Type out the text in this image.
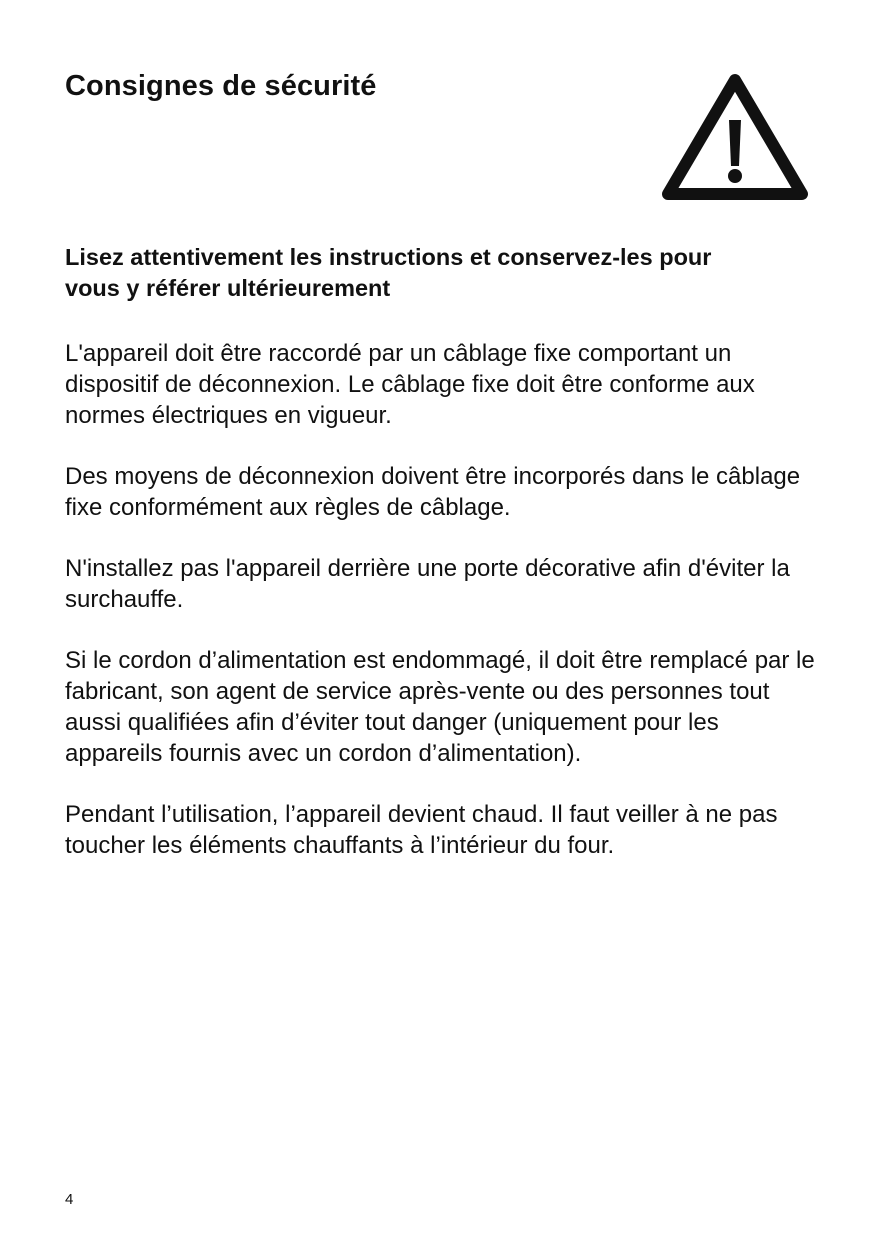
Consignes de sécurité
Lisez attentivement les instructions et conservez-les pour
vous y référer ultérieurement

L'appareil doit être raccordé par un câblage fixe comportant un dispositif de déconnexion. Le câblage fixe doit être conforme aux normes électriques en vigueur.

Des moyens de déconnexion doivent être incorporés dans le câblage fixe conformément aux règles de câblage.

N'installez pas l'appareil derrière une porte décorative afin d'éviter la surchauffe.

Si le cordon d’alimentation est endommagé, il doit être remplacé par le fabricant, son agent de service après-vente ou des personnes tout aussi qualifiées afin d’éviter tout danger (uniquement pour les appareils fournis avec un cordon d’alimentation).

Pendant l’utilisation, l’appareil devient chaud. Il faut veiller à ne pas toucher les éléments chauffants à l’intérieur du four.

4
